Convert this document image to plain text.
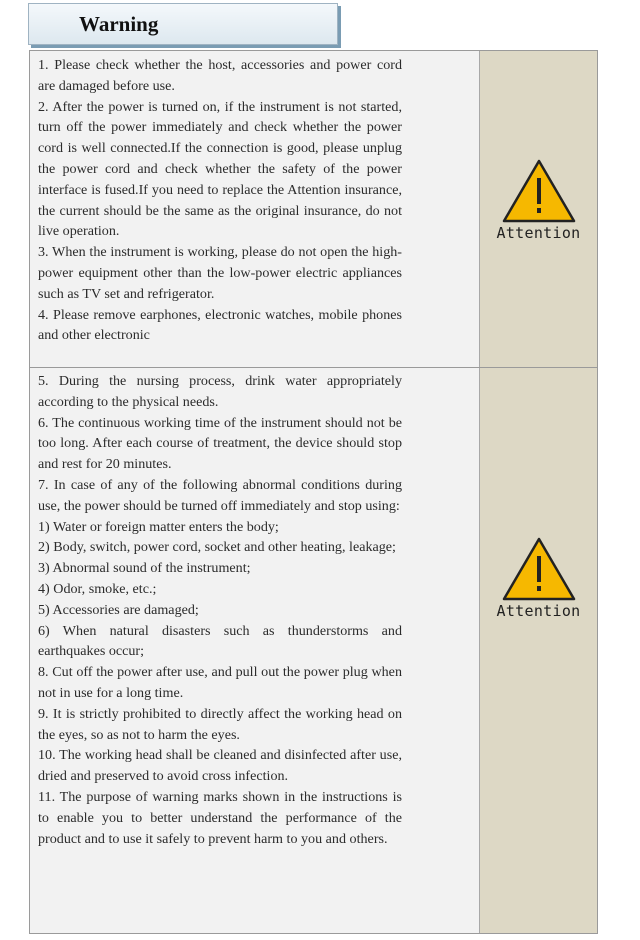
Warning

1. Please check whether the host, accessories and power cord are damaged before use.

2. After the power is turned on, if the instrument is not started, turn off the power immediately and check whether the power cord is well connected.If the connection is good, please unplug the power cord and check whether the safety of the power interface is fused.If you need to replace the Attention insurance, the current should be the same as the original insurance, do not live operation.

3. When the instrument is working, please do not open the high-power equipment other than the low-power electric appliances such as TV set and refrigerator.

4. Please remove earphones, electronic watches, mobile phones and other electronic

Attention

5. During the nursing process, drink water appropriately according to the physical needs.

6. The continuous working time of the instrument should not be too long. After each course of treatment, the device should stop and rest for 20 minutes.

7. In case of any of the following abnormal conditions during use, the power should be turned off immediately and stop using:

1) Water or foreign matter enters the body;

2) Body, switch, power cord, socket and other heating, leakage;

3) Abnormal sound of the instrument;

4) Odor, smoke, etc.;

5) Accessories are damaged;

6) When natural disasters such as thunderstorms and earthquakes occur;

8. Cut off the power after use, and pull out the power plug when not in use for a long time.

9. It is strictly prohibited to directly affect the working head on the eyes, so as not to harm the eyes.

10. The working head shall be cleaned and disinfected after use, dried and preserved to avoid cross infection.

11. The purpose of warning marks shown in the instructions is to enable you to better understand the performance of the product and to use it safely to prevent harm to you and others.

Attention
